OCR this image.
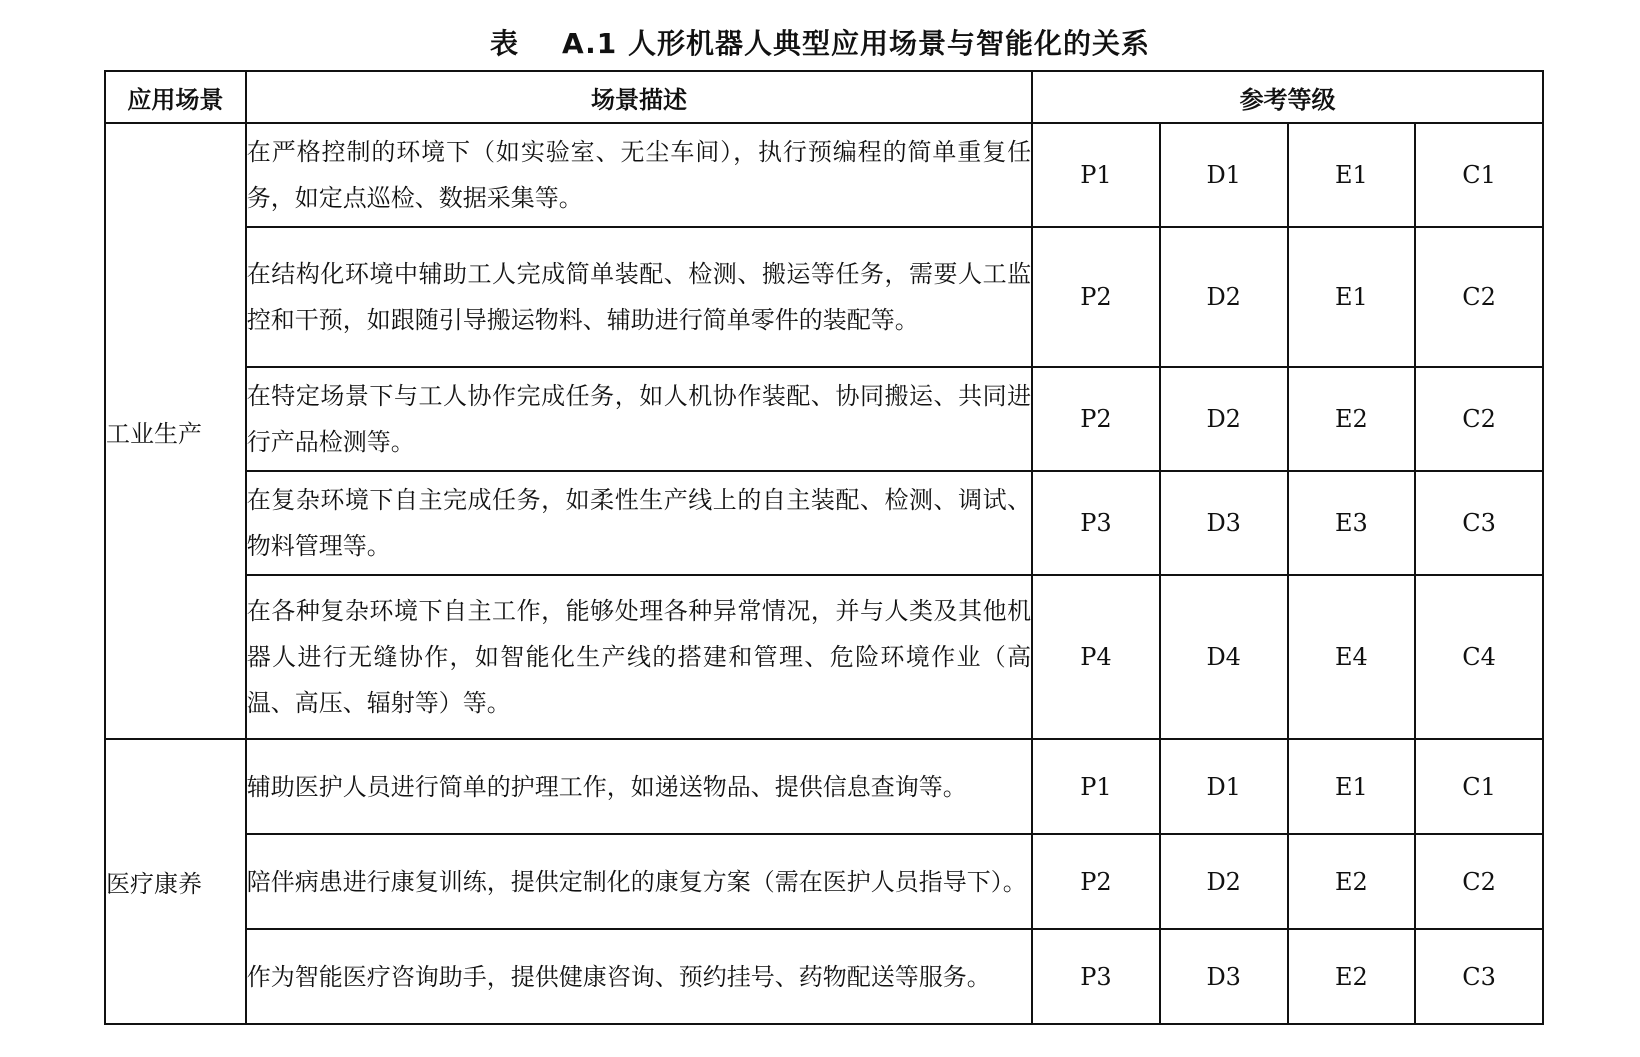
表    A.1 人形机器人典型应用场景与智能化的关系
应用场景	场景描述	参考等级			
工业生产	在严格控制的环境下（如实验室、无尘车间），执行预编程的简单重复任务，如定点巡检、数据采集等。	P1	D1	E1	C1
	在结构化环境中辅助工人完成简单装配、检测、搬运等任务，需要人工监控和干预，如跟随引导搬运物料、辅助进行简单零件的装配等。	P2	D2	E1	C2
	在特定场景下与工人协作完成任务，如人机协作装配、协同搬运、共同进行产品检测等。	P2	D2	E2	C2
	在复杂环境下自主完成任务，如柔性生产线上的自主装配、检测、调试、物料管理等。	P3	D3	E3	C3
	在各种复杂环境下自主工作，能够处理各种异常情况，并与人类及其他机器人进行无缝协作，如智能化生产线的搭建和管理、危险环境作业（高温、高压、辐射等）等。	P4	D4	E4	C4
医疗康养	辅助医护人员进行简单的护理工作，如递送物品、提供信息查询等。	P1	D1	E1	C1
	陪伴病患进行康复训练，提供定制化的康复方案（需在医护人员指导下）。	P2	D2	E2	C2
	作为智能医疗咨询助手，提供健康咨询、预约挂号、药物配送等服务。	P3	D3	E2	C3
